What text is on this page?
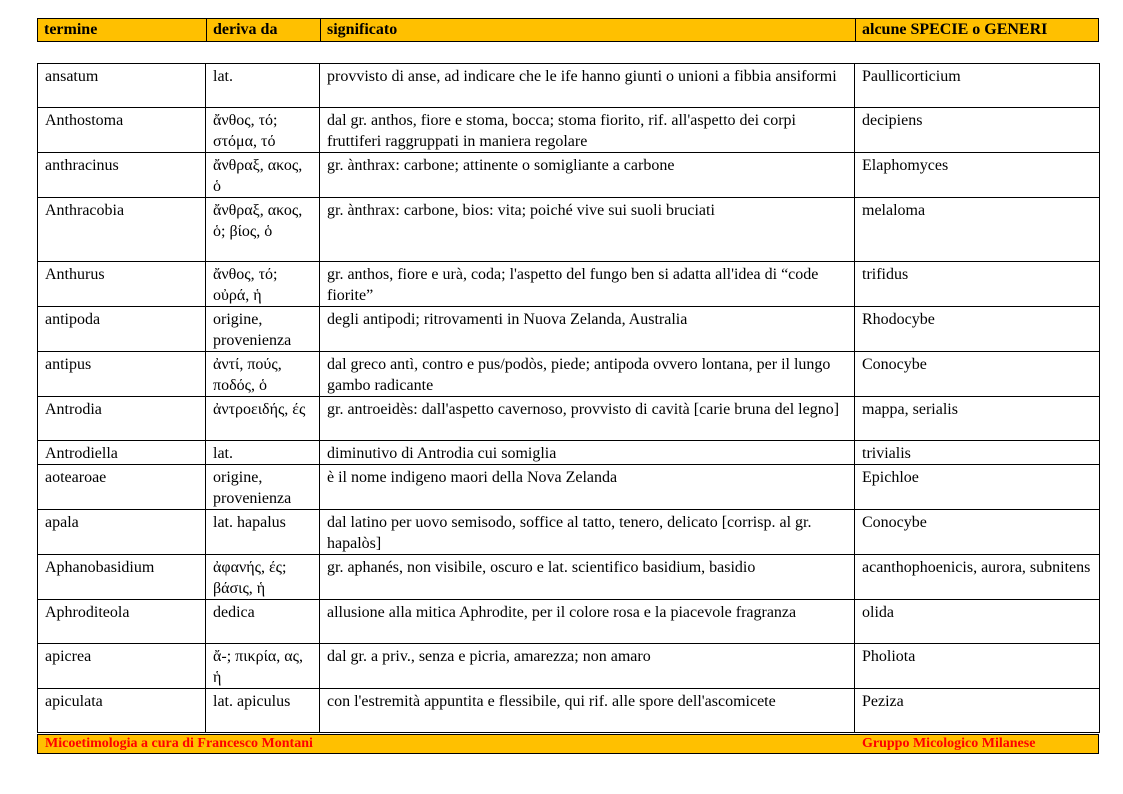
termine	deriva da	significato	alcune SPECIE o GENERI
ansatum	lat.	provvisto di anse, ad indicare che le ife hanno giunti o unioni a fibbia ansiformi	Paullicorticium
Anthostoma	ἄνθος, τό; στόμα, τό	dal gr. anthos, fiore e stoma, bocca; stoma fiorito, rif. all'aspetto dei corpi fruttiferi raggruppati in maniera regolare	decipiens
anthracinus	ἄνθραξ, ακος, ὁ	gr. ànthrax: carbone; attinente o somigliante a carbone	Elaphomyces
Anthracobia	ἄνθραξ, ακος, ὁ; βίος, ὁ	gr. ànthrax: carbone, bios: vita; poiché vive sui suoli bruciati	melaloma
Anthurus	ἄνθος, τό; οὐρά, ἡ	gr. anthos, fiore e urà, coda; l'aspetto del fungo ben si adatta all'idea di “code fiorite”	trifidus
antipoda	origine, provenienza	degli antipodi; ritrovamenti in Nuova Zelanda, Australia	Rhodocybe
antipus	ἀντί, πούς, ποδός, ὁ	dal greco antì, contro e pus/podòs, piede; antipoda ovvero lontana, per il lungo gambo radicante	Conocybe
Antrodia	ἀντροειδής, ές	gr. antroeidès: dall'aspetto cavernoso, provvisto di cavità [carie bruna del legno]	mappa, serialis
Antrodiella	lat.	diminutivo di Antrodia cui somiglia	trivialis
aotearoae	origine, provenienza	è il nome indigeno maori della Nova Zelanda	Epichloe
apala	lat. hapalus	dal latino per uovo semisodo, soffice al tatto, tenero, delicato [corrisp. al gr. hapalòs]	Conocybe
Aphanobasidium	ἀφανής, ές; βάσις, ἡ	gr. aphanés, non visibile, oscuro e lat. scientifico basidium, basidio	acanthophoenicis, aurora, subnitens
Aphroditeola	dedica	allusione alla mitica Aphrodite, per il colore rosa e la piacevole fragranza	olida
apicrea	ἄ-; πικρία, ας, ἡ	dal gr. a priv., senza e picria, amarezza; non amaro	Pholiota
apiculata	lat. apiculus	con l'estremità appuntita e flessibile, qui rif. alle spore dell'ascomicete	Peziza
Micoetimologia a cura di Francesco Montani	Gruppo Micologico Milanese
